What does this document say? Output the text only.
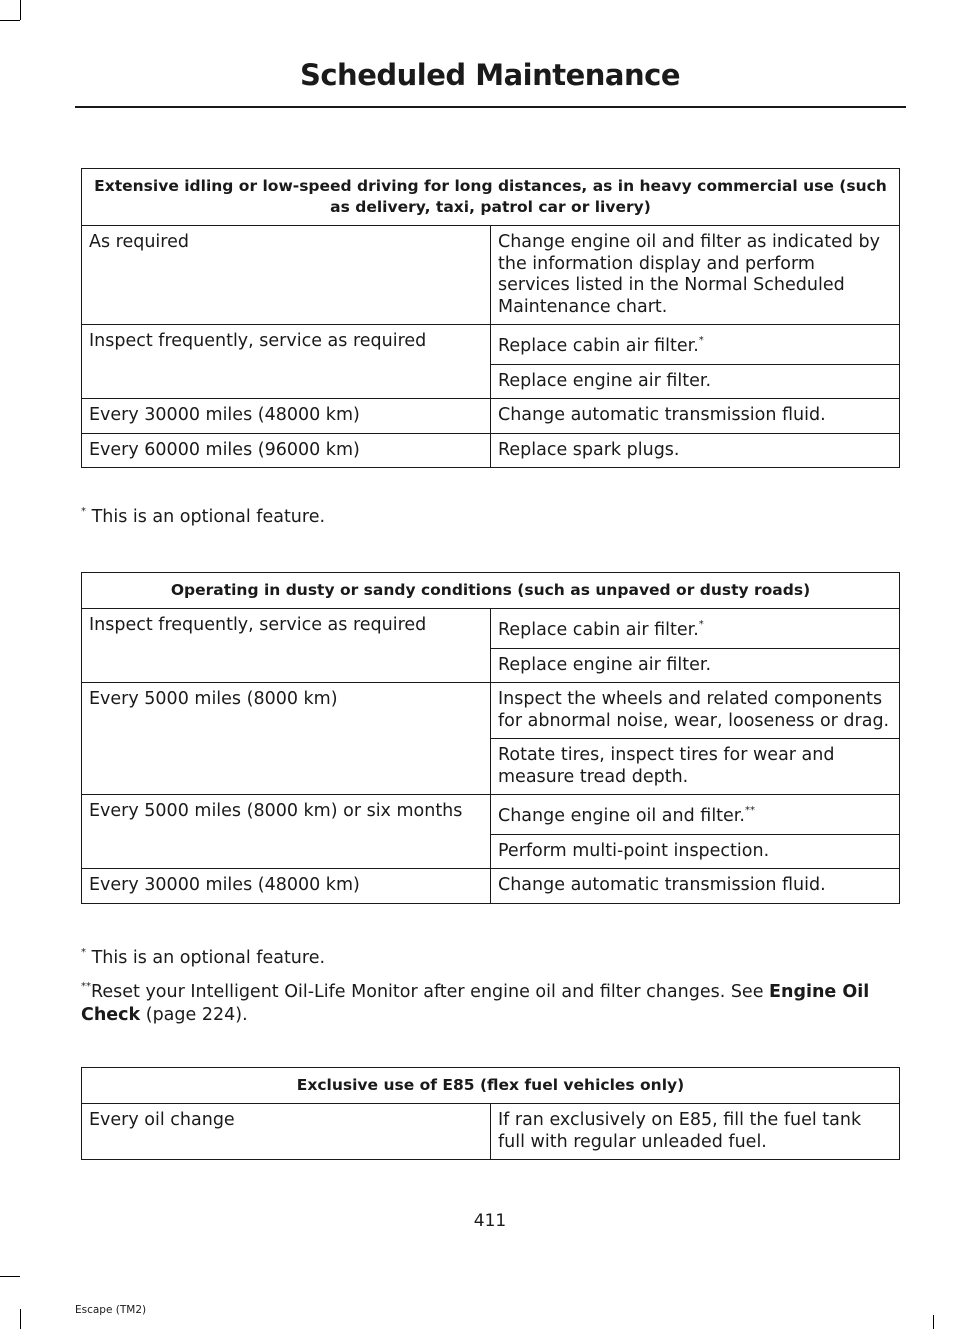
Scheduled Maintenance
Extensive idling or low-speed driving for long distances, as in heavy commercial use (such as delivery, taxi, patrol car or livery)	
As required	Change engine oil and filter as indicated by the information display and perform services listed in the Normal Scheduled Maintenance chart.
Inspect frequently, service as required	Replace cabin air filter.*
	Replace engine air filter.
Every 30000 miles (48000 km)	Change automatic transmission fluid.
Every 60000 miles (96000 km)	Replace spark plugs.
* This is an optional feature.
Operating in dusty or sandy conditions (such as unpaved or dusty roads)	
Inspect frequently, service as required	Replace cabin air filter.*
	Replace engine air filter.
Every 5000 miles (8000 km)	Inspect the wheels and related components for abnormal noise, wear, looseness or drag.
	Rotate tires, inspect tires for wear and measure tread depth.
Every 5000 miles (8000 km) or six months	Change engine oil and filter.**
	Perform multi-point inspection.
Every 30000 miles (48000 km)	Change automatic transmission fluid.
* This is an optional feature.
**Reset your Intelligent Oil-Life Monitor after engine oil and filter changes. See Engine Oil Check (page 224).
Exclusive use of E85 (flex fuel vehicles only)
Every oil change	If ran exclusively on E85, fill the fuel tank full with regular unleaded fuel.
411
Escape (TM2)
